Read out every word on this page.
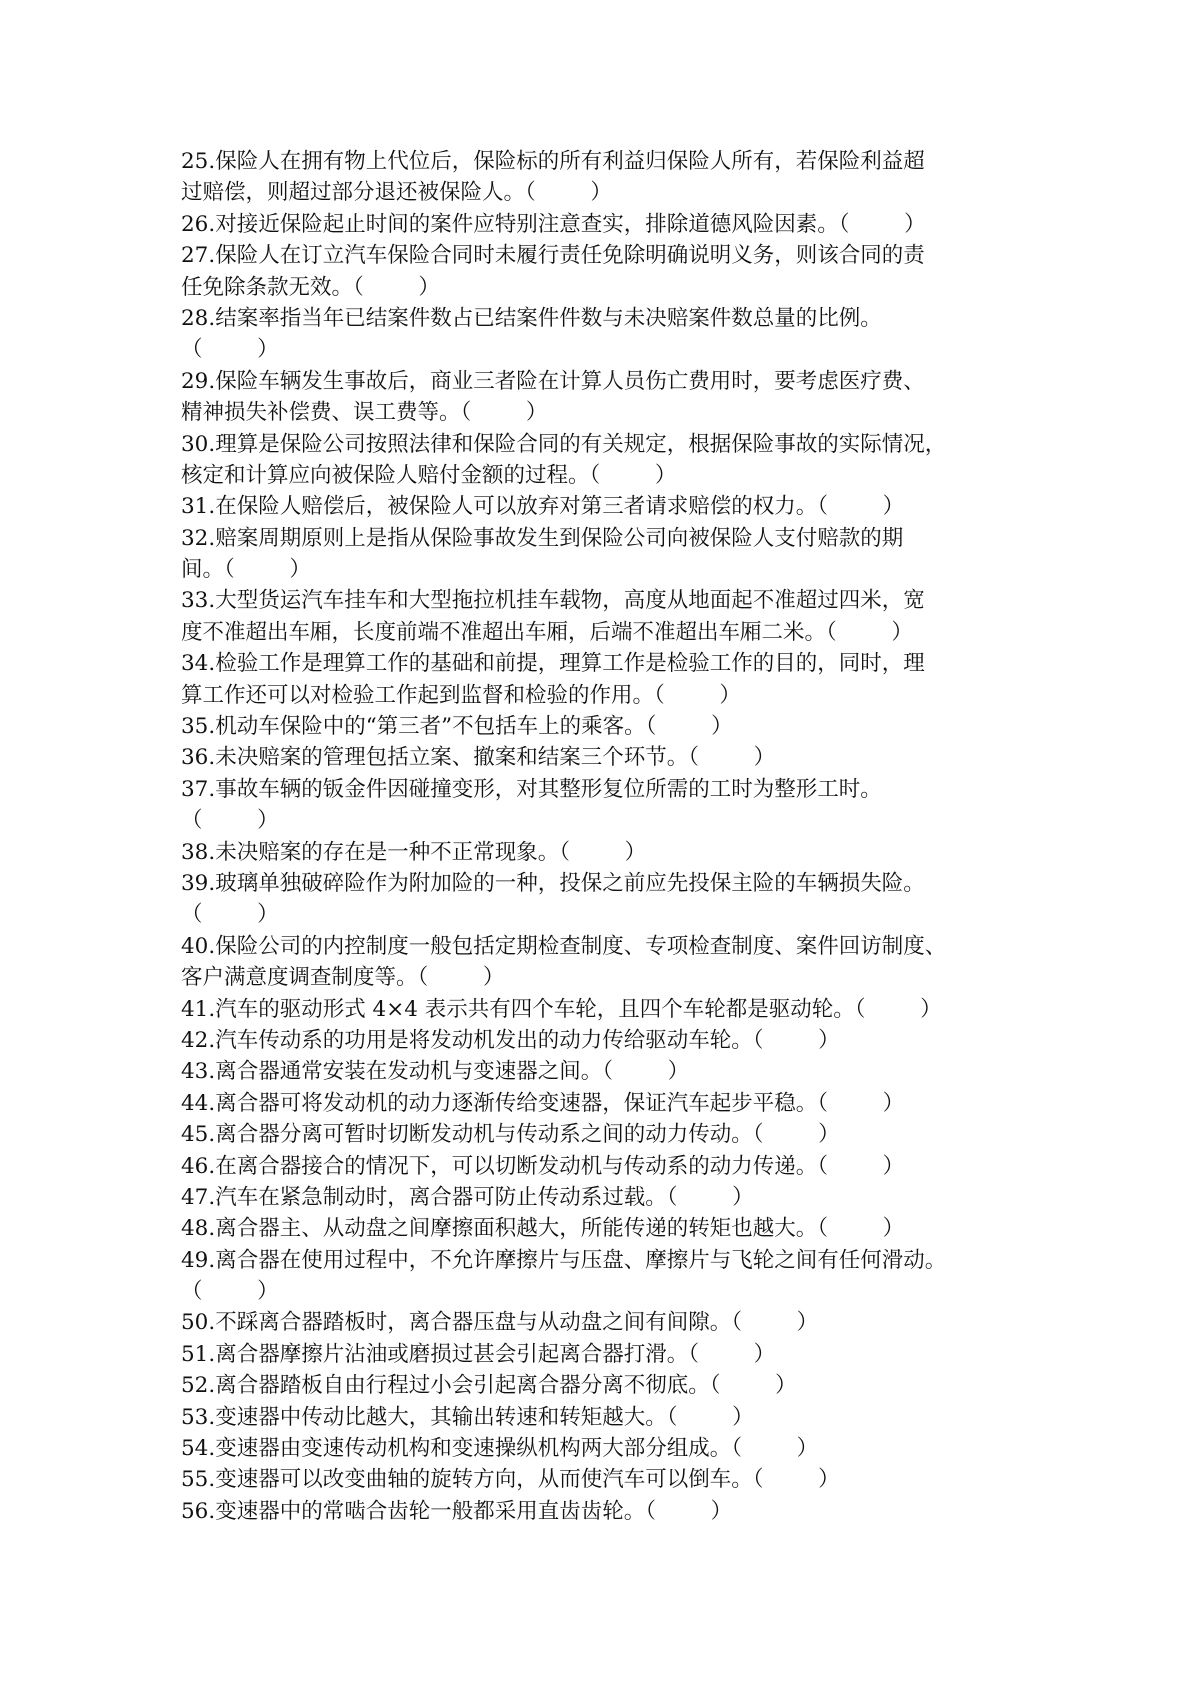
25.保险人在拥有物上代位后，保险标的所有利益归保险人所有，若保险利益超
过赔偿，则超过部分退还被保险人。（        ）
26.对接近保险起止时间的案件应特别注意查实，排除道德风险因素。（        ）
27.保险人在订立汽车保险合同时未履行责任免除明确说明义务，则该合同的责
任免除条款无效。（        ）
28.结案率指当年已结案件数占已结案件件数与未决赔案件数总量的比例。
（        ）
29.保险车辆发生事故后，商业三者险在计算人员伤亡费用时，要考虑医疗费、
精神损失补偿费、误工费等。（        ）
30.理算是保险公司按照法律和保险合同的有关规定，根据保险事故的实际情况，
核定和计算应向被保险人赔付金额的过程。（        ）
31.在保险人赔偿后，被保险人可以放弃对第三者请求赔偿的权力。（        ）
32.赔案周期原则上是指从保险事故发生到保险公司向被保险人支付赔款的期
间。（        ）
33.大型货运汽车挂车和大型拖拉机挂车载物，高度从地面起不准超过四米，宽
度不准超出车厢，长度前端不准超出车厢，后端不准超出车厢二米。（        ）
34.检验工作是理算工作的基础和前提，理算工作是检验工作的目的，同时，理
算工作还可以对检验工作起到监督和检验的作用。（        ）
35.机动车保险中的“第三者”不包括车上的乘客。（        ）
36.未决赔案的管理包括立案、撤案和结案三个环节。（        ）
37.事故车辆的钣金件因碰撞变形，对其整形复位所需的工时为整形工时。
（        ）
38.未决赔案的存在是一种不正常现象。（        ）
39.玻璃单独破碎险作为附加险的一种，投保之前应先投保主险的车辆损失险。
（        ）
40.保险公司的内控制度一般包括定期检查制度、专项检查制度、案件回访制度、
客户满意度调查制度等。（        ）
41.汽车的驱动形式 4×4 表示共有四个车轮，且四个车轮都是驱动轮。（        ）
42.汽车传动系的功用是将发动机发出的动力传给驱动车轮。（        ）
43.离合器通常安装在发动机与变速器之间。（        ）
44.离合器可将发动机的动力逐渐传给变速器，保证汽车起步平稳。（        ）
45.离合器分离可暂时切断发动机与传动系之间的动力传动。（        ）
46.在离合器接合的情况下，可以切断发动机与传动系的动力传递。（        ）
47.汽车在紧急制动时，离合器可防止传动系过载。（        ）
48.离合器主、从动盘之间摩擦面积越大，所能传递的转矩也越大。（        ）
49.离合器在使用过程中，不允许摩擦片与压盘、摩擦片与飞轮之间有任何滑动。
（        ）
50.不踩离合器踏板时，离合器压盘与从动盘之间有间隙。（        ）
51.离合器摩擦片沾油或磨损过甚会引起离合器打滑。（        ）
52.离合器踏板自由行程过小会引起离合器分离不彻底。（        ）
53.变速器中传动比越大，其输出转速和转矩越大。（        ）
54.变速器由变速传动机构和变速操纵机构两大部分组成。（        ）
55.变速器可以改变曲轴的旋转方向，从而使汽车可以倒车。（        ）
56.变速器中的常啮合齿轮一般都采用直齿齿轮。（        ）
